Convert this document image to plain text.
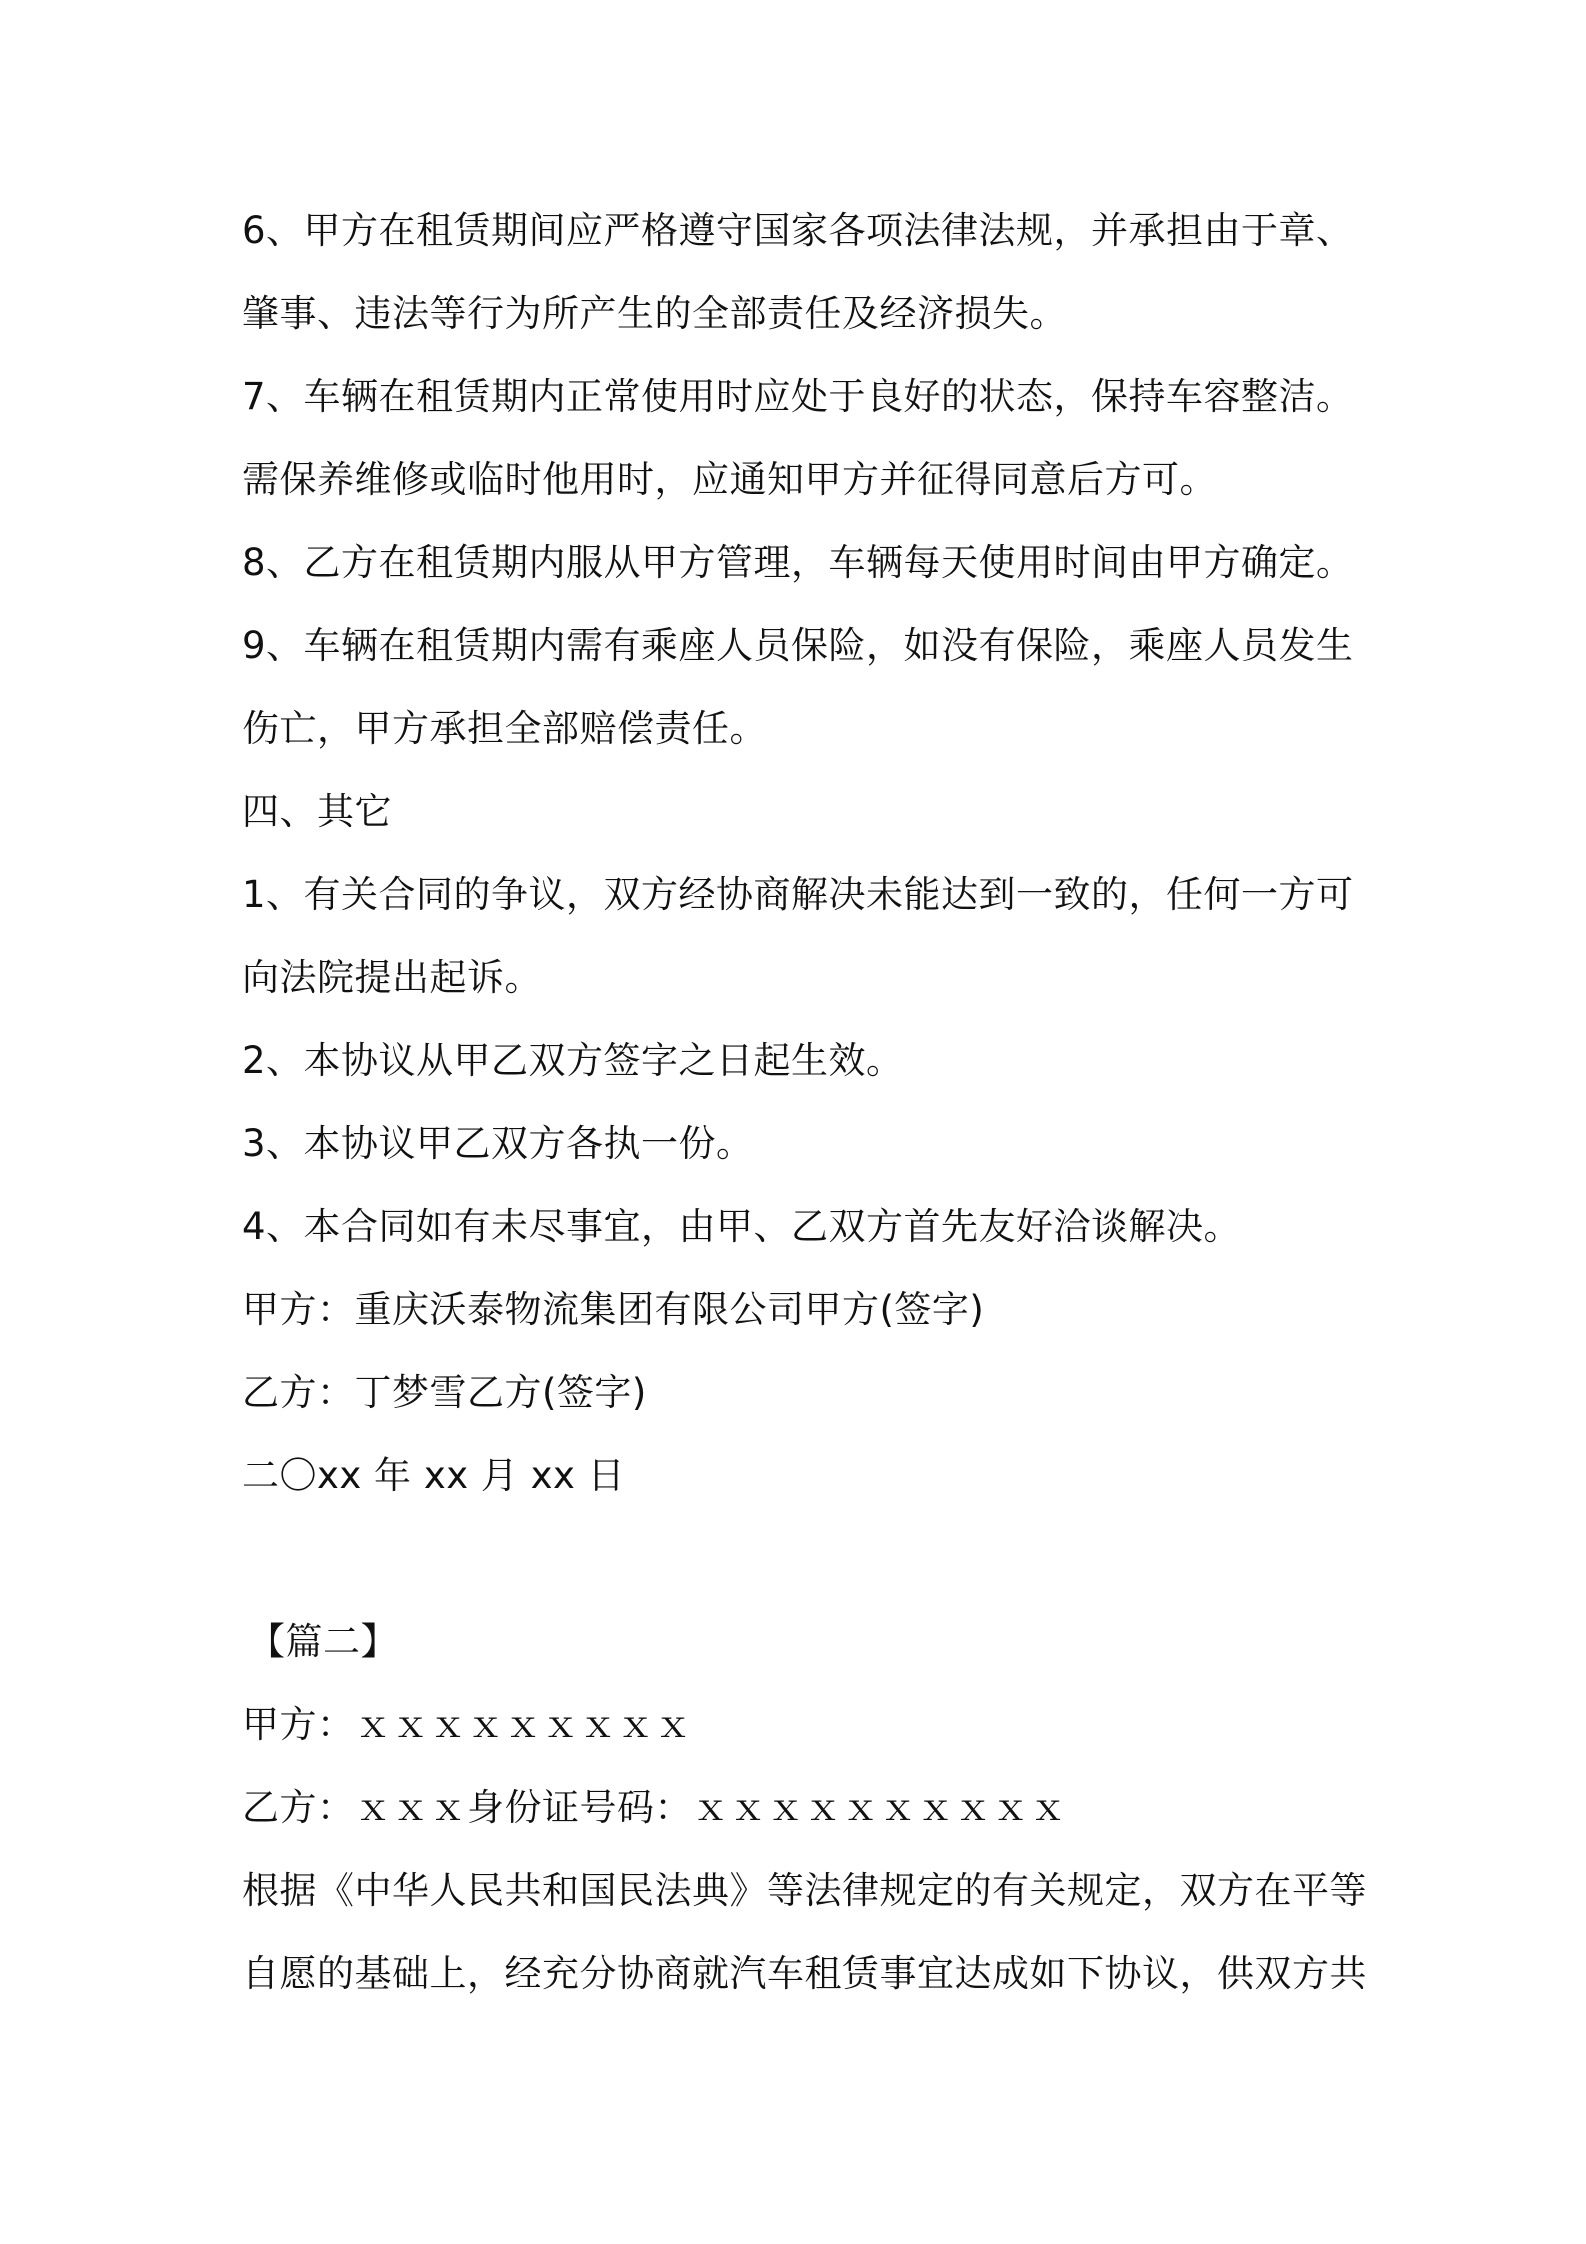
6、甲方在租赁期间应严格遵守国家各项法律法规，并承担由于章、
肇事、违法等行为所产生的全部责任及经济损失。
7、车辆在租赁期内正常使用时应处于良好的状态，保持车容整洁。
需保养维修或临时他用时，应通知甲方并征得同意后方可。
8、乙方在租赁期内服从甲方管理，车辆每天使用时间由甲方确定。
9、车辆在租赁期内需有乘座人员保险，如没有保险，乘座人员发生
伤亡，甲方承担全部赔偿责任。
四、其它
1、有关合同的争议，双方经协商解决未能达到一致的，任何一方可
向法院提出起诉。
2、本协议从甲乙双方签字之日起生效。
3、本协议甲乙双方各执一份。
4、本合同如有未尽事宜，由甲、乙双方首先友好洽谈解决。
甲方：重庆沃泰物流集团有限公司甲方(签字)
乙方：丁梦雪乙方(签字)
二〇xx 年 xx 月 xx 日
【篇二】
甲方：ｘｘｘｘｘｘｘｘｘ
乙方：ｘｘｘ身份证号码：ｘｘｘｘｘｘｘｘｘｘ
根据《中华人民共和国民法典》等法律规定的有关规定，双方在平等
自愿的基础上，经充分协商就汽车租赁事宜达成如下协议，供双方共
